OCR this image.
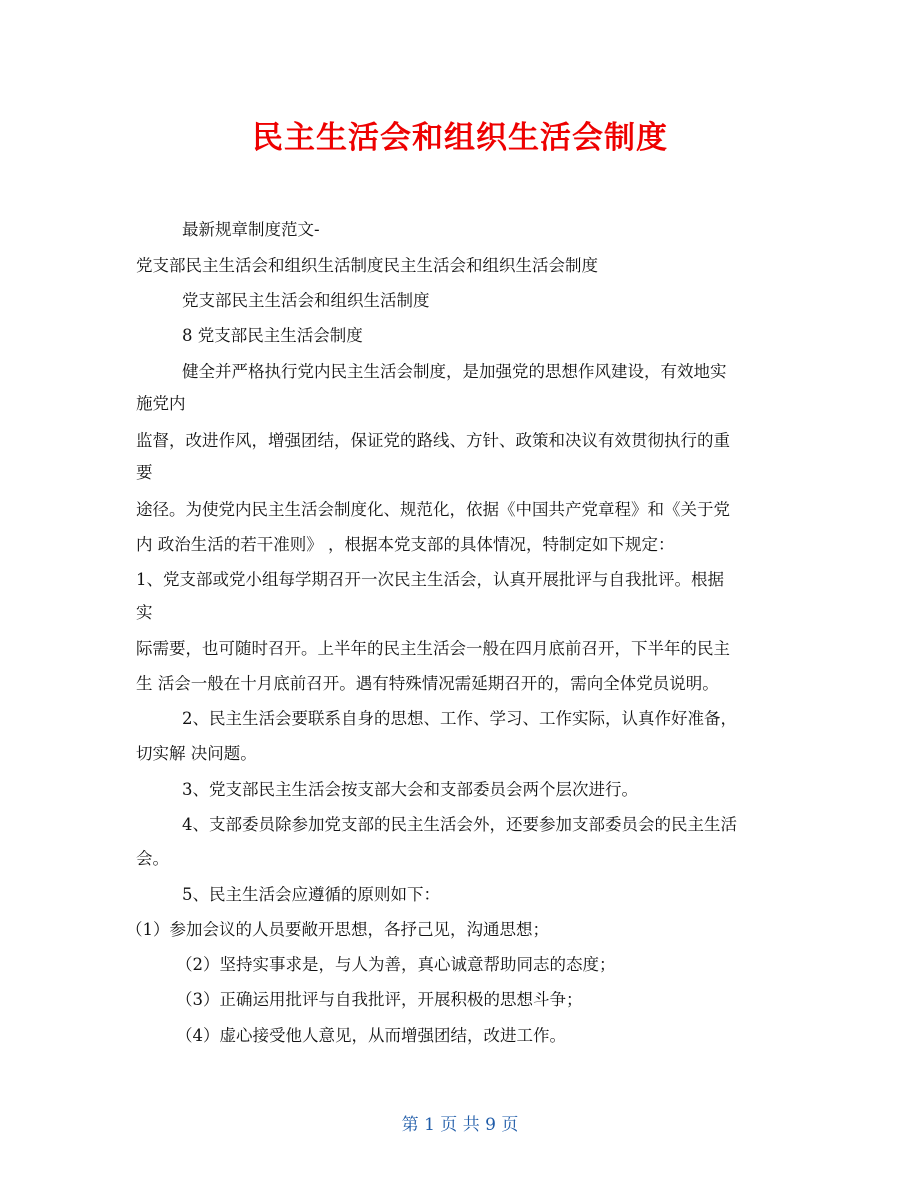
民主生活会和组织生活会制度
最新规章制度范文-
党支部民主生活会和组织生活制度民主生活会和组织生活会制度
党支部民主生活会和组织生活制度
8 党支部民主生活会制度
健全并严格执行党内民主生活会制度，是加强党的思想作风建设，有效地实
施党内
监督，改进作风，增强团结，保证党的路线、方针、政策和决议有效贯彻执行的重
要
途径。为使党内民主生活会制度化、规范化，依据《中国共产党章程》和《关于党
内 政治生活的若干准则》 ，根据本党支部的具体情况，特制定如下规定：
1、党支部或党小组每学期召开一次民主生活会，认真开展批评与自我批评。根据
实
际需要，也可随时召开。上半年的民主生活会一般在四月底前召开，下半年的民主
生 活会一般在十月底前召开。遇有特殊情况需延期召开的，需向全体党员说明。
2、民主生活会要联系自身的思想、工作、学习、工作实际，认真作好准备，
切实解 决问题。
3、党支部民主生活会按支部大会和支部委员会两个层次进行。
4、支部委员除参加党支部的民主生活会外，还要参加支部委员会的民主生活
会。
5、民主生活会应遵循的原则如下：
（1）参加会议的人员要敞开思想，各抒己见，沟通思想；
（2）坚持实事求是，与人为善，真心诚意帮助同志的态度；
（3）正确运用批评与自我批评，开展积极的思想斗争；
（4）虚心接受他人意见，从而增强团结，改进工作。
第 1 页 共 9 页
